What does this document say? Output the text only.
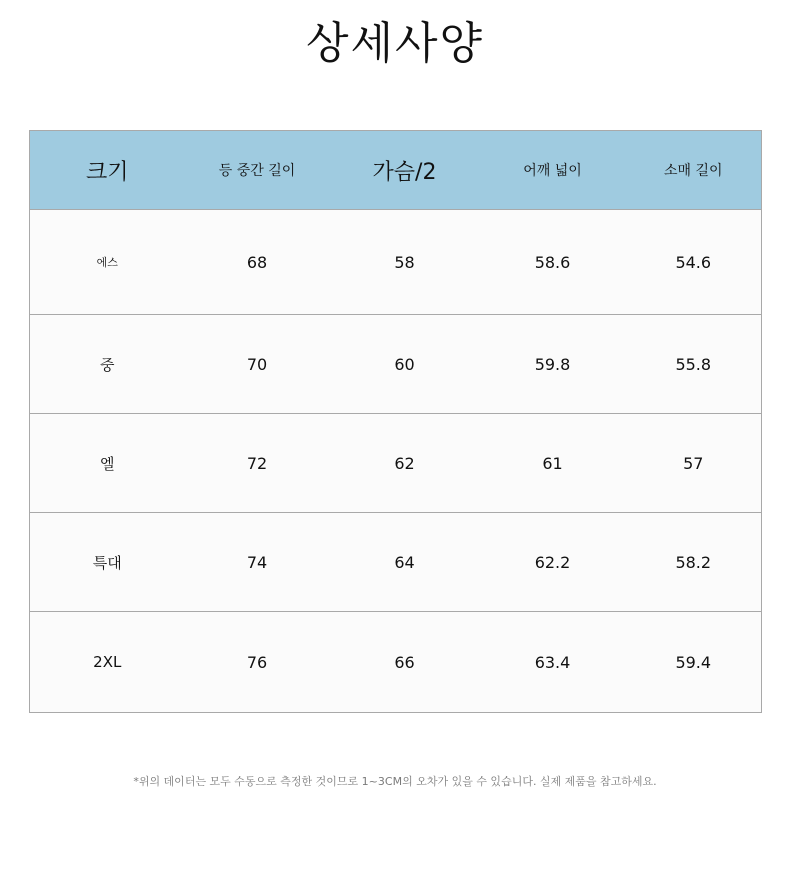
상세사양
크기	등 중간 길이	가슴/2	어깨 넓이	소매 길이
에스	68	58	58.6	54.6
중	70	60	59.8	55.8
엘	72	62	61	57
특대	74	64	62.2	58.2
2XL	76	66	63.4	59.4
*위의 데이터는 모두 수동으로 측정한 것이므로 1~3CM의 오차가 있을 수 있습니다. 실제 제품을 참고하세요.
